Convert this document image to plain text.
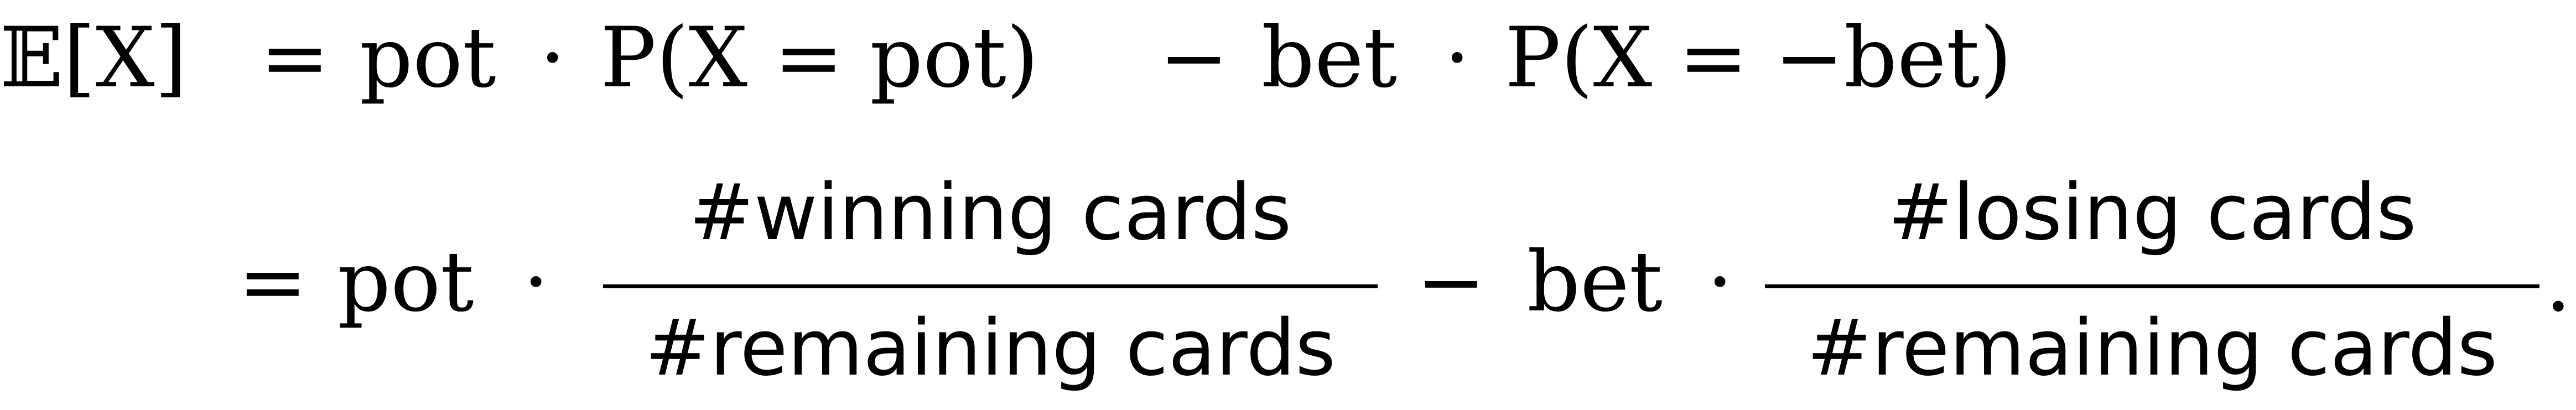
𝔼[X] = pot · P(X = pot) − bet · P(X = −bet)
= pot ·
#winning cards
#remaining cards
− bet ·
#losing cards
#remaining cards
.
